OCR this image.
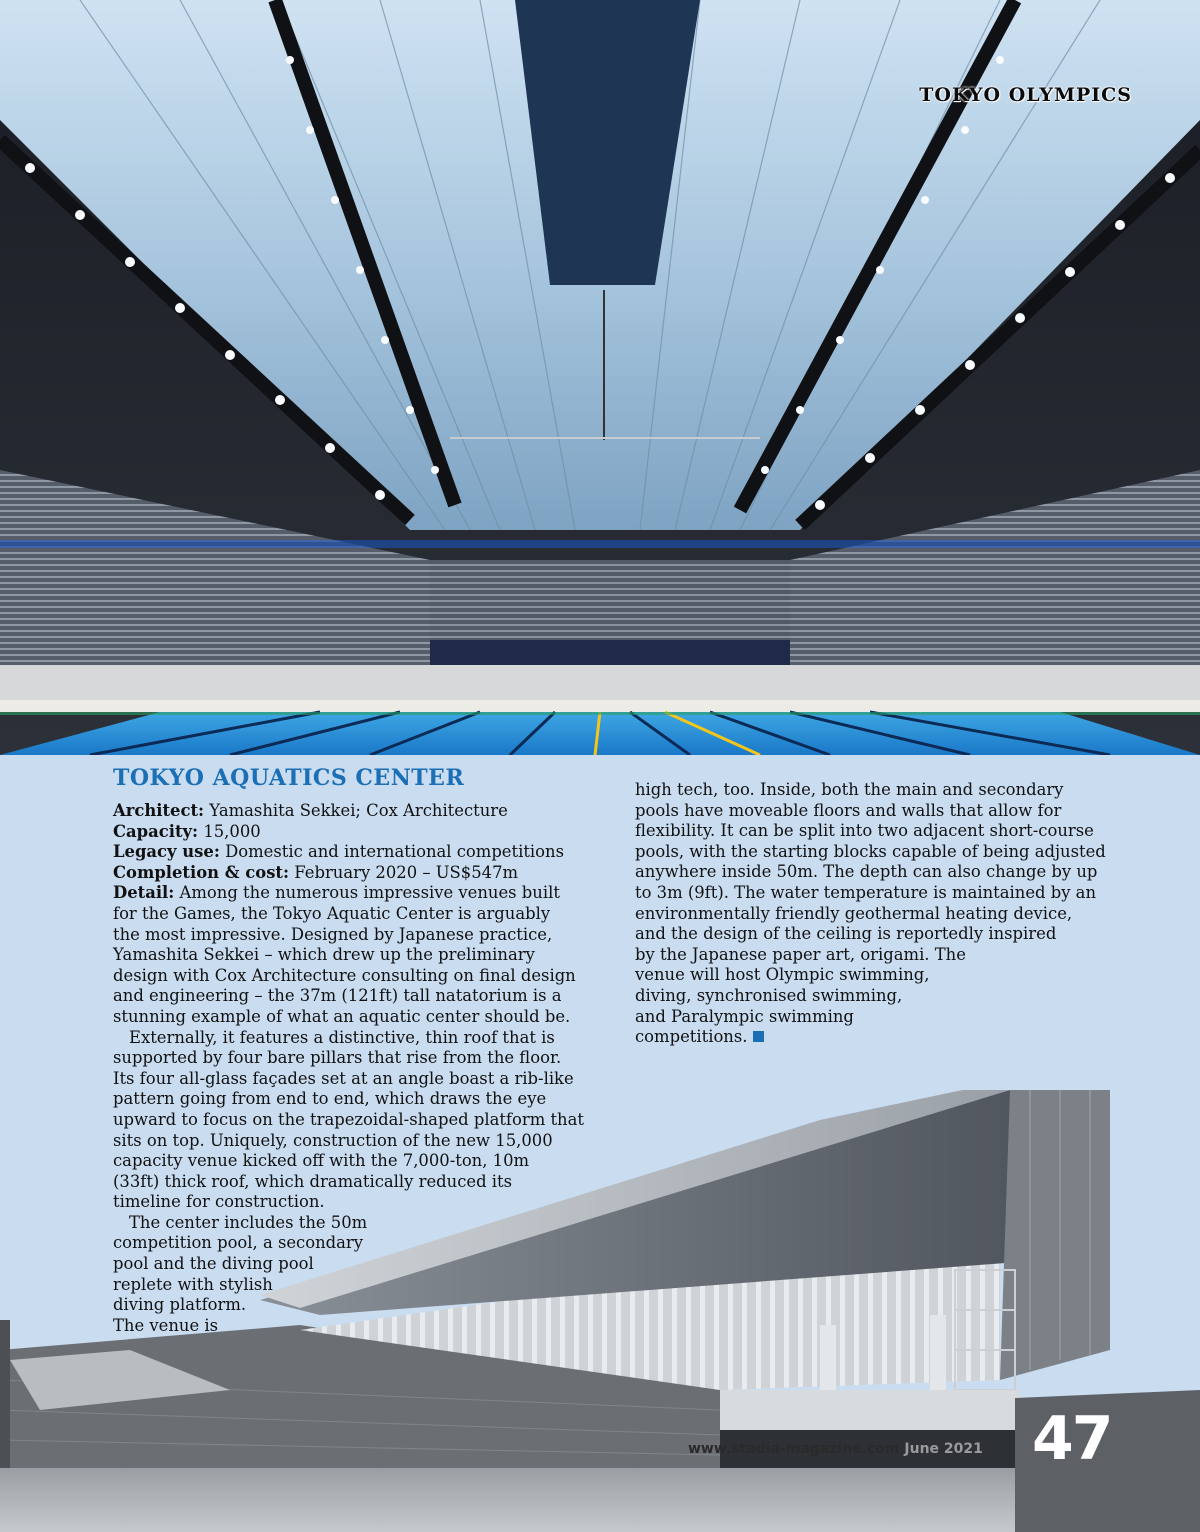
TOKYO OLYMPICS
TOKYO AQUATICS CENTER
Architect: Yamashita Sekkei; Cox Architecture
Capacity: 15,000
Legacy use: Domestic and international competitions
Completion & cost: February 2020 – US$547m
Detail: Among the numerous impressive venues built
for the Games, the Tokyo Aquatic Center is arguably
the most impressive. Designed by Japanese practice,
Yamashita Sekkei – which drew up the preliminary
design with Cox Architecture consulting on final design
and engineering – the 37m (121ft) tall natatorium is a
stunning example of what an aquatic center should be.
Externally, it features a distinctive, thin roof that is
supported by four bare pillars that rise from the floor.
Its four all-glass façades set at an angle boast a rib-like
pattern going from end to end, which draws the eye
upward to focus on the trapezoidal-shaped platform that
sits on top. Uniquely, construction of the new 15,000
capacity venue kicked off with the 7,000-ton, 10m
(33ft) thick roof, which dramatically reduced its
timeline for construction.
The center includes the 50m
competition pool, a secondary
pool and the diving pool
replete with stylish
diving platform.
The venue is
high tech, too. Inside, both the main and secondary
pools have moveable floors and walls that allow for
flexibility. It can be split into two adjacent short-course
pools, with the starting blocks capable of being adjusted
anywhere inside 50m. The depth can also change by up
to 3m (9ft). The water temperature is maintained by an
environmentally friendly geothermal heating device,
and the design of the ceiling is reportedly inspired
by the Japanese paper art, origami. The
venue will host Olympic swimming,
diving, synchronised swimming,
and Paralympic swimming
competitions.
www.stadia-magazine.com June 2021 47
